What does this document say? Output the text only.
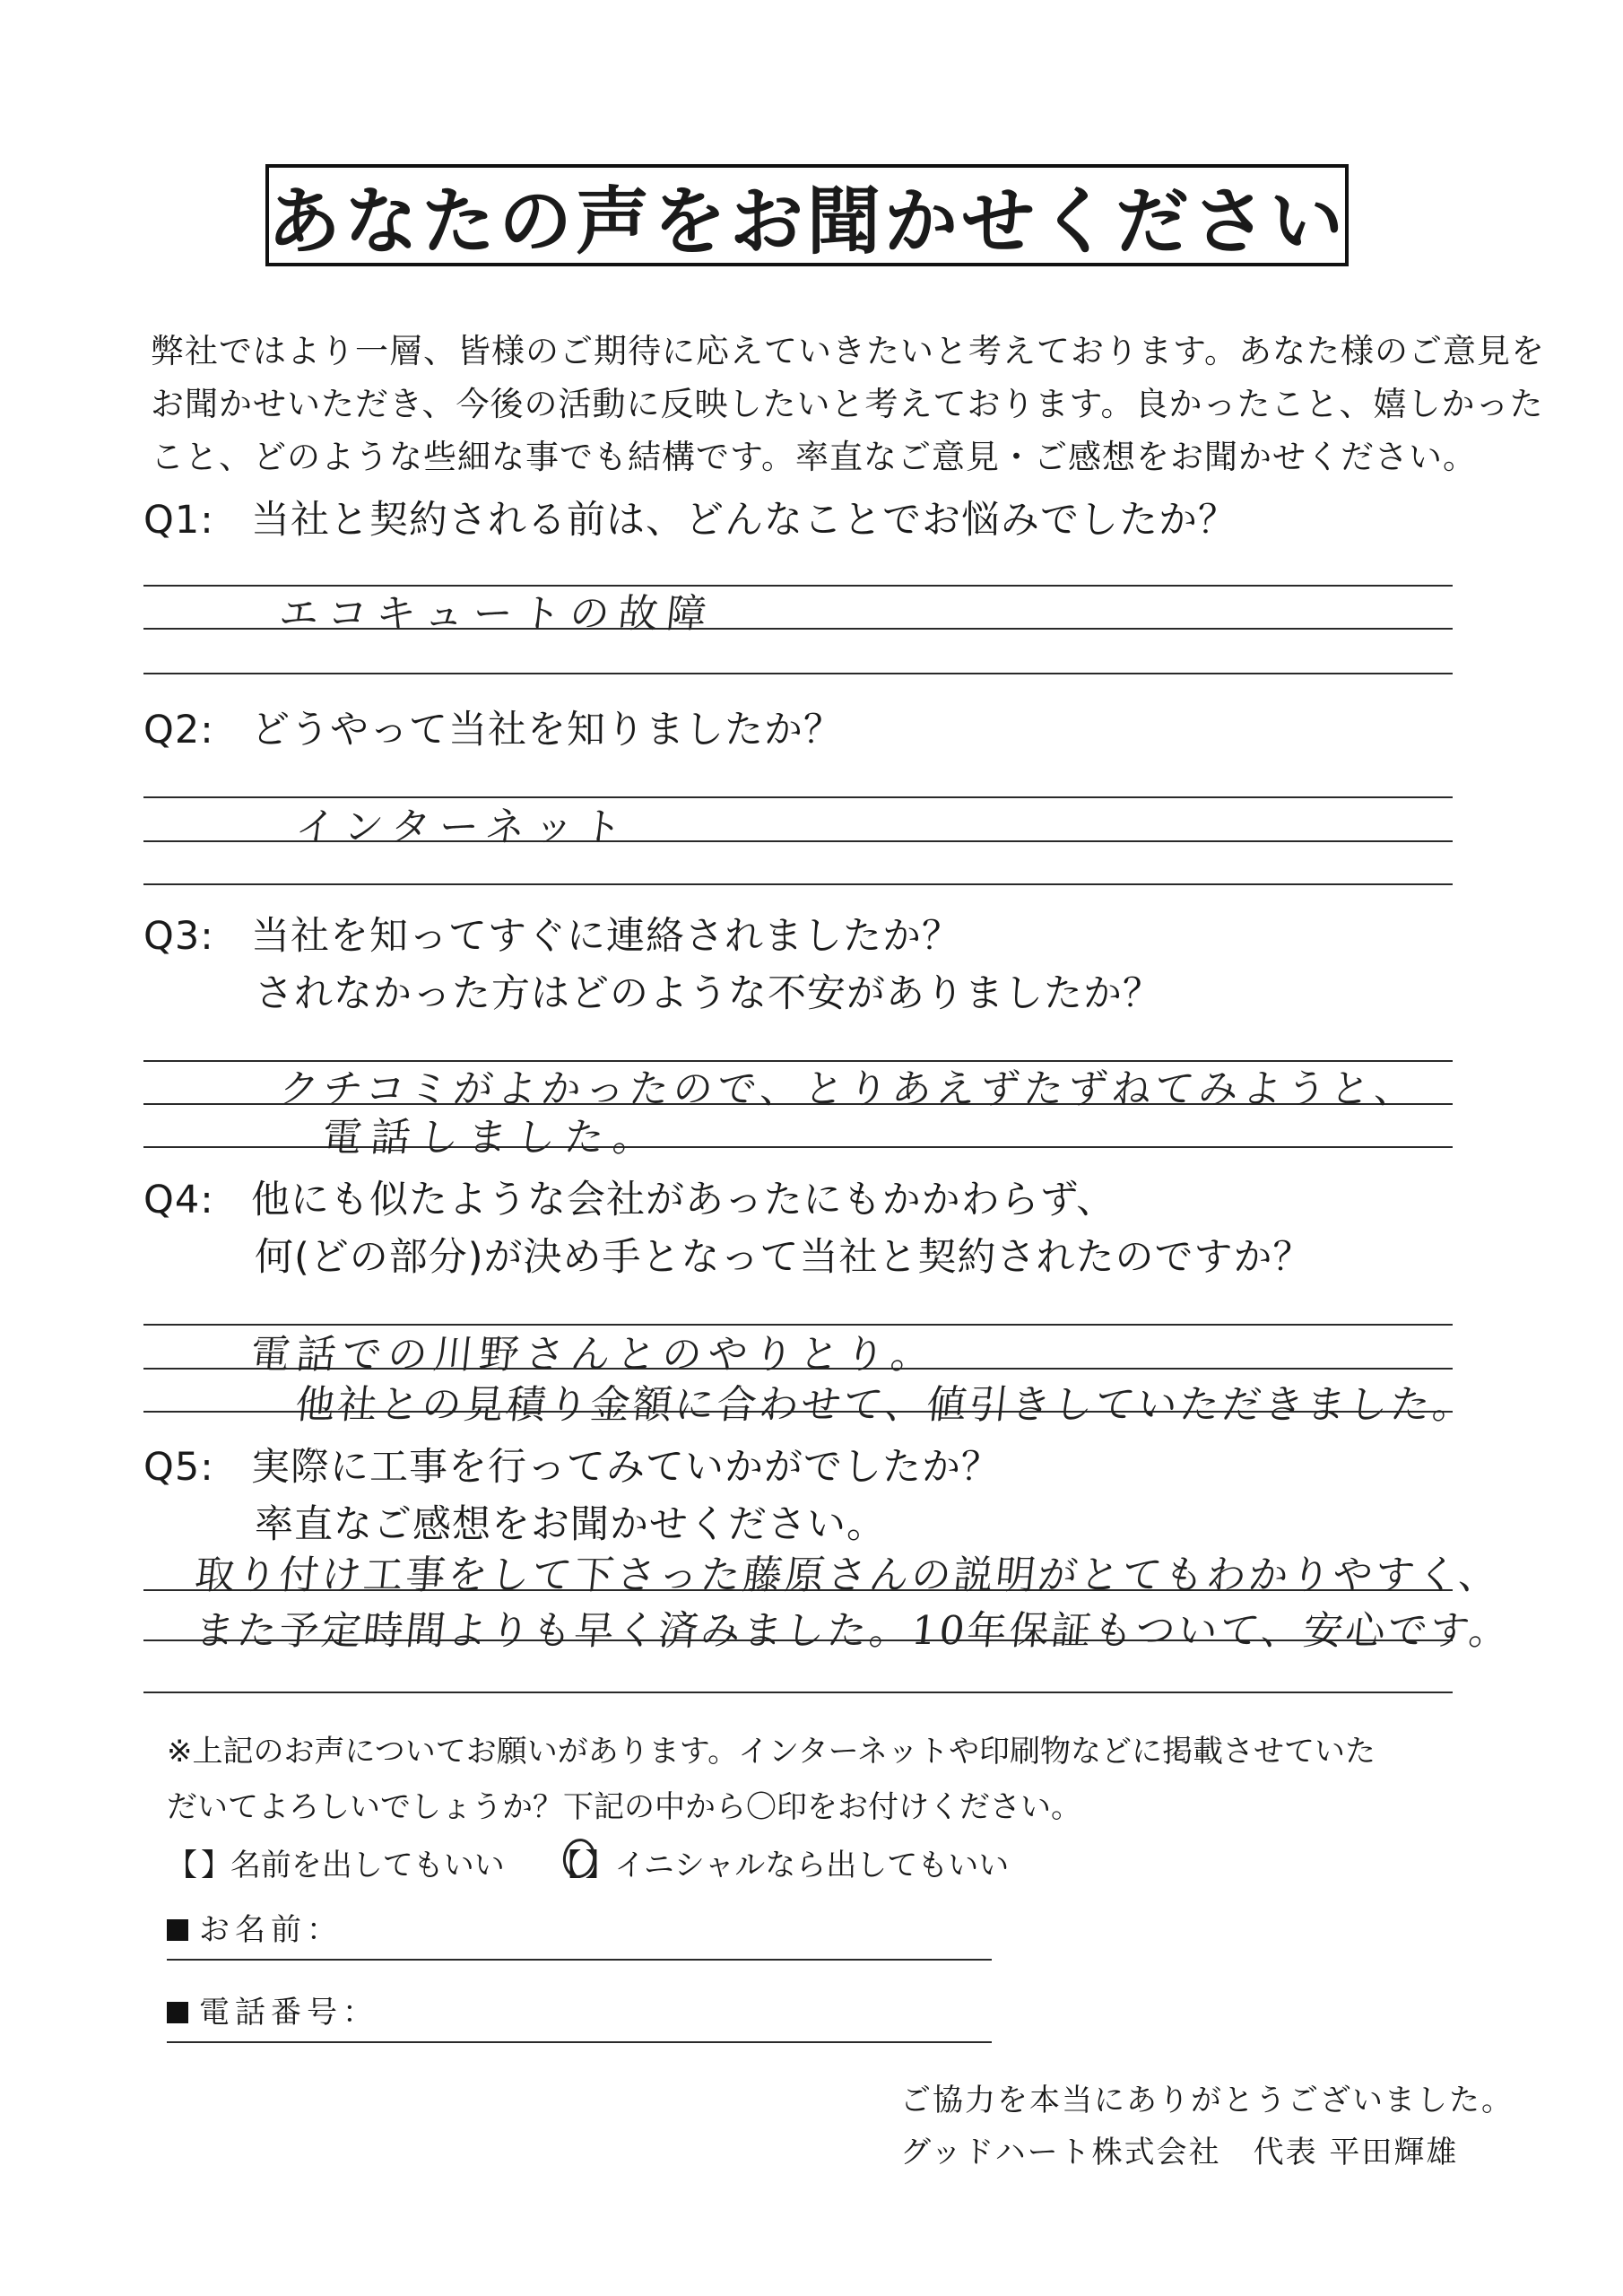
あなたの声をお聞かせください
弊社ではより一層、皆様のご期待に応えていきたいと考えております。あなた様のご意見を
お聞かせいただき、今後の活動に反映したいと考えております。良かったこと、嬉しかった
こと、どのような些細な事でも結構です。率直なご意見・ご感想をお聞かせください。
Q1: 当社と契約される前は、どんなことでお悩みでしたか？
エコキュートの故障
Q2: どうやって当社を知りましたか？
インターネット
Q3: 当社を知ってすぐに連絡されましたか？
されなかった方はどのような不安がありましたか？
クチコミがよかったので、とりあえずたずねてみようと、
電話しました。
Q4: 他にも似たような会社があったにもかかわらず、
何(どの部分)が決め手となって当社と契約されたのですか？
電話での川野さんとのやりとり。
他社との見積り金額に合わせて、値引きしていただきました。
Q5: 実際に工事を行ってみていかがでしたか？
率直なご感想をお聞かせください。
取り付け工事をして下さった藤原さんの説明がとてもわかりやすく、
また予定時間よりも早く済みました。10年保証もついて、安心です。
※上記のお声についてお願いがあります。インターネットや印刷物などに掲載させていた
だいてよろしいでしょうか？下記の中から〇印をお付けください。
【 】 名前を出してもいい 【 】 イニシャルなら出してもいい
お名前：
電話番号：
ご協力を本当にありがとうございました。
グッドハート株式会社　代表 平田輝雄
